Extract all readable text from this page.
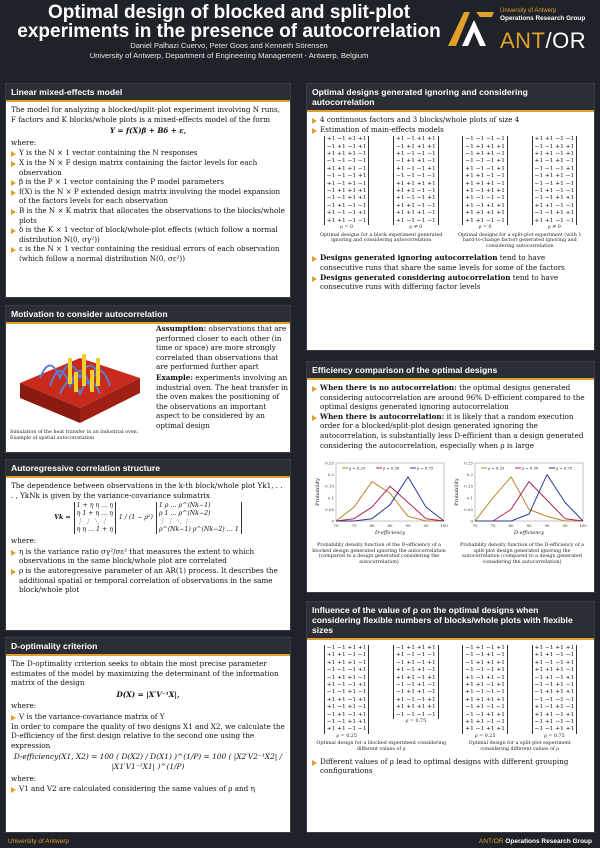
Optimal design of blocked and split-plot
experiments in the presence of autocorrelation
Daniel Palhazi Cuervo, Peter Goos and Kenneth Sörensen
University of Antwerp, Department of Engineering Management - Antwerp, Belgium
University of Antwerp
Operations Research Group
ANT/OR
Linear mixed-effects model

The model for analyzing a blocked/split-plot experiment involving N runs, F factors and K blocks/whole plots is a mixed-effects model of the form

Y = f(X)β + Bδ + ε,

where:

Y is the N × 1 vector containing the N responses
X is the N × F design matrix containing the factor levels for each observation
β is the P × 1 vector containing the P model parameters
f(X) is the N × P extended design matrix involving the model expansion of the factors levels for each observation
B is the N × K matrix that allocates the observations to the blocks/whole plots
δ is the K × 1 vector of block/whole-plot effects (which follow a normal distribution N(0, σγ²))
ε is the N × 1 vector containing the residual errors of each observation (which follow a normal distribution N(0, σε²))
Motivation to consider autocorrelation
Simulation of the heat transfer in an industrial oven. Example of spatial autocorrelation

Assumption: observations that are performed closer to each other (in time or space) are more strongly correlated than observations that are performed further apart

Example: experiments involving an industrial oven. The heat transfer in the oven makes the positioning of the observations an important aspect to be considered by an optimal design

Autoregressive correlation structure

The dependence between observations in the k-th block/whole plot Yk1, . . . , YkNk is given by the variance-covariance submatrix

Vk =
1 + η η … η
η 1 + η … η
⋮ ⋮ ⋱ ⋮
η η … 1 + η
1 / (1 − ρ²)
1 ρ … ρ^(Nk−1)
ρ 1 … ρ^(Nk−2)
⋮ ⋮ ⋱ ⋮
ρ^(Nk−1) ρ^(Nk−2) … 1

where:

η is the variance ratio σγ²/σε² that measures the extent to which observations in the same block/whole plot are correlated
ρ is the autoregressive parameter of an AR(1) process. It describes the additional spatial or temporal correlation of observations in the same block/whole plot
D-optimality criterion

The D-optimality criterion seeks to obtain the most precise parameter estimates of the model by maximizing the determinant of the information matrix of the design

D(X) = |X′V⁻¹X|,

where:

V is the variance-covariance matrix of Y

In order to compare the quality of two designs X1 and X2, we calculate the D-efficiency of the first design relative to the second one using the expression

D-efficiency(X1, X2) = 100 ( D(X2) / D(X1) )^(1/P) = 100 ( |X2′V2⁻¹X2| / |X1′V1⁻¹X1| )^(1/P)

where:

V1 and V2 are calculated considering the same values of ρ and η
Optimal designs generated ignoring and considering autocorrelation
4 continuous factors and 3 blocks/whole plots of size 4
Estimation of main-effects models
+1 −1 +1 +1
−1 +1 −1 +1
+1 +1 +1 −1
−1 −1 −1 −1
+1 +1 +1 −1
−1 −1 −1 +1
+1 −1 +1 −1
−1 +1 +1 +1
−1 −1 +1 +1
−1 +1 −1 −1
+1 −1 −1 +1
+1 +1 −1 −1
ρ = 0
+1 −1 +1 +1
−1 +1 +1 +1
+1 −1 −1 −1
−1 +1 +1 −1
+1 −1 −1 +1
−1 −1 −1 −1
+1 +1 +1 +1
+1 +1 −1 −1
+1 −1 −1 +1
+1 +1 −1 −1
+1 +1 +1 −1
+1 −1 −1 −1
ρ ≠ 0
−1 −1 −1 −1
−1 +1 +1 +1
−1 +1 +1 −1
−1 −1 −1 +1
+1 −1 −1 +1
+1 +1 −1 −1
+1 +1 +1 −1
+1 −1 +1 +1
+1 −1 −1 −1
+1 −1 +1 +1
+1 +1 +1 +1
+1 +1 −1 −1
ρ = 0
+1 +1 −1 −1
−1 −1 +1 +1
+1 +1 −1 +1
+1 −1 +1 −1
−1 −1 −1 +1
−1 +1 +1 −1
−1 −1 +1 −1
−1 +1 −1 −1
−1 −1 +1 +1
+1 +1 −1 −1
−1 −1 +1 +1
+1 +1 −1 −1
ρ ≠ 0
Optimal designs for a block experiment generated ignoring and considering autocorrelation
Optimal designs for a split-plot experiment (with 1 hard-to-change factor) generated ignoring and considering autocorrelation
Designs generated ignoring autocorrelation tend to have consecutive runs that share the same levels for some of the factors
Designs generated considering autocorrelation tend to have consecutive runs with differing factor levels
Efficiency comparison of the optimal designs
When there is no autocorrelation: the optimal designs generated considering autocorrelation are around 96% D-efficient compared to the optimal designs generated ignoring autocorrelation
When there is autocorrelation: it is likely that a random execution order for a blocked/split-plot design generated ignoring the autocorrelation, is substantially less D-efficient than a design generated considering the autocorrelation, especially when ρ is large
0
0.05
0.1
0.15
0.2
0.25
70	75	80	85	90	95	100
D-efficiency
Probability
ρ = 0.25	ρ = 0.50	ρ = 0.75
0
0.05
0.1
0.15
0.2
0.25
70	75	80	85	90	95	100
D-efficiency
Probability
ρ = 0.25	ρ = 0.50	ρ = 0.75
Probability density function of the D-efficiency of a blocked design generated ignoring the autocorrelation (compared to a design generated considering the autocorrelation)
Probability density function of the D-efficiency of a split-plot design generated ignoring the autocorrelation (compared to a design generated considering the autocorrelation)
Influence of the value of ρ on the optimal designs when considering flexible numbers of blocks/whole plots with flexible sizes
−1 −1 +1 +1
+1 +1 −1 −1
+1 +1 +1 −1
−1 −1 −1 +1
−1 +1 +1 −1
+1 −1 −1 +1
−1 −1 +1 −1
+1 +1 −1 +1
+1 −1 +1 −1
−1 +1 −1 +1
−1 −1 +1 +1
+1 +1 −1 −1
ρ = 0.25
−1 +1 +1 +1
+1 −1 −1 −1
−1 +1 −1 +1
+1 −1 +1 −1
+1 +1 −1 +1
−1 −1 +1 −1
−1 +1 +1 −1
+1 −1 −1 +1
+1 +1 +1 +1
−1 −1 −1 −1
ρ = 0.75
−1 +1 −1 +1
−1 −1 +1 −1
−1 +1 +1 +1
−1 −1 −1 +1
+1 −1 +1 −1
+1 +1 −1 +1
+1 −1 −1 −1
+1 +1 +1 +1
−1 +1 −1 −1
−1 −1 +1 +1
+1 +1 −1 −1
+1 −1 +1 +1
ρ = 0.25
+1 −1 +1 +1
+1 +1 −1 −1
+1 −1 −1 +1
+1 +1 +1 −1
−1 +1 −1 +1
−1 −1 +1 −1
−1 +1 +1 +1
−1 −1 −1 −1
+1 −1 +1 −1
+1 +1 −1 +1
−1 +1 −1 −1
−1 −1 +1 +1
ρ = 0.75
Optimal design for a blocked experiment considering different values of ρ
Optimal design for a split-plot experiment considering different values of ρ
Different values of ρ lead to optimal designs with different grouping configurations
University of Antwerp	ANT/OR Operations Research Group
